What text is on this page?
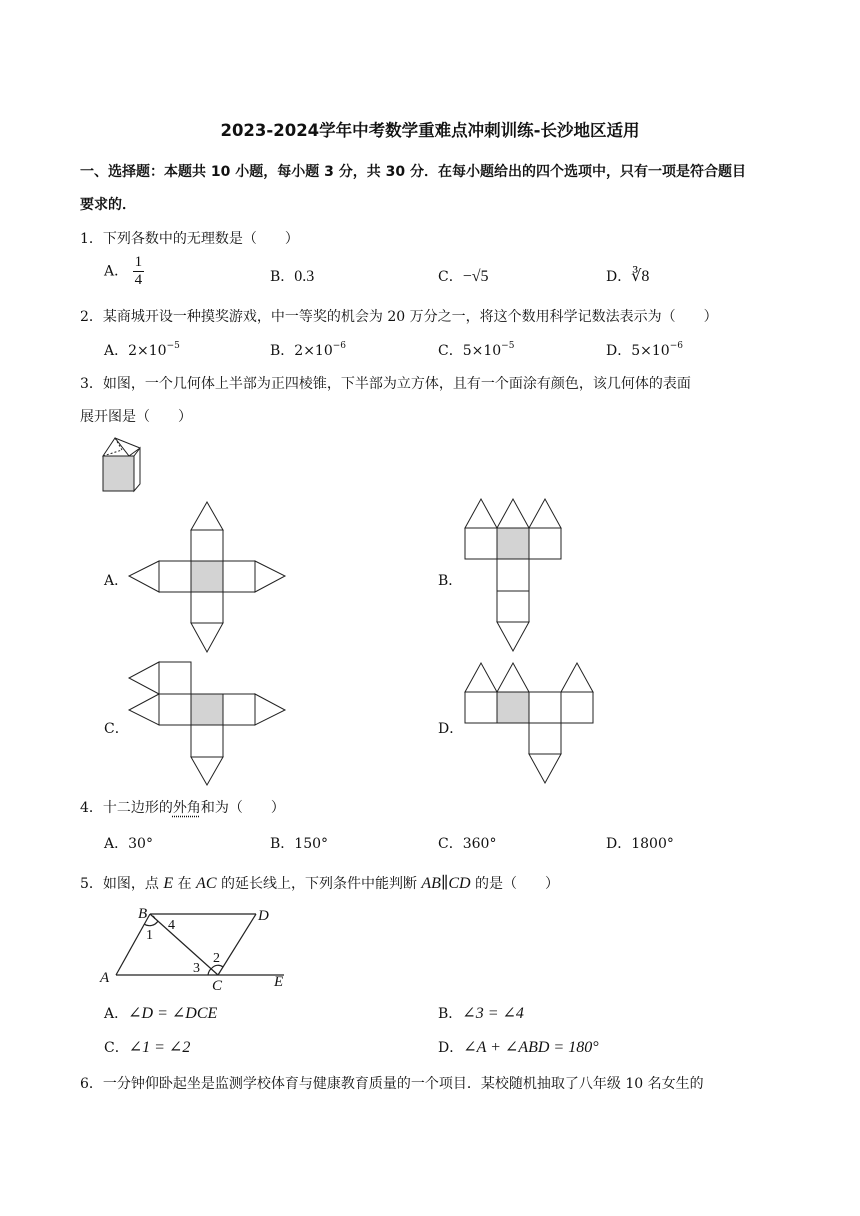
2023-2024学年中考数学重难点冲刺训练-长沙地区适用
一、选择题：本题共 10 小题，每小题 3 分，共 30 分．在每小题给出的四个选项中，只有一项是符合题目
要求的．
1．下列各数中的无理数是（　　）
A． $\frac{1}{4}$	B．0.3	C．−√5	D．∛8
2．某商城开设一种摸奖游戏，中一等奖的机会为 20 万分之一，将这个数用科学记数法表示为（　　）
A．$2\times 10^{-5}$	B．$2\times 10^{-6}$	C．$5\times 10^{-5}$	D．$5\times 10^{-6}$
3．如图，一个几何体上半部为正四棱锥，下半部为立方体，且有一个面涂有颜色，该几何体的表面
展开图是（　　）
A．	B．
C．	D．
4．十二边形的外角和为（　　）
A．30°	B．150°	C．360°	D．1800°
5．如图，点 E 在 AC 的延长线上，下列条件中能判断 AB∥CD 的是（　　）
A
B
C
D
E
1
4
3
2
A．∠D = ∠DCE	B．∠3 = ∠4
C．∠1 = ∠2	D．∠A + ∠ABD = 180°
6．一分钟仰卧起坐是监测学校体育与健康教育质量的一个项目．某校随机抽取了八年级 10 名女生的
